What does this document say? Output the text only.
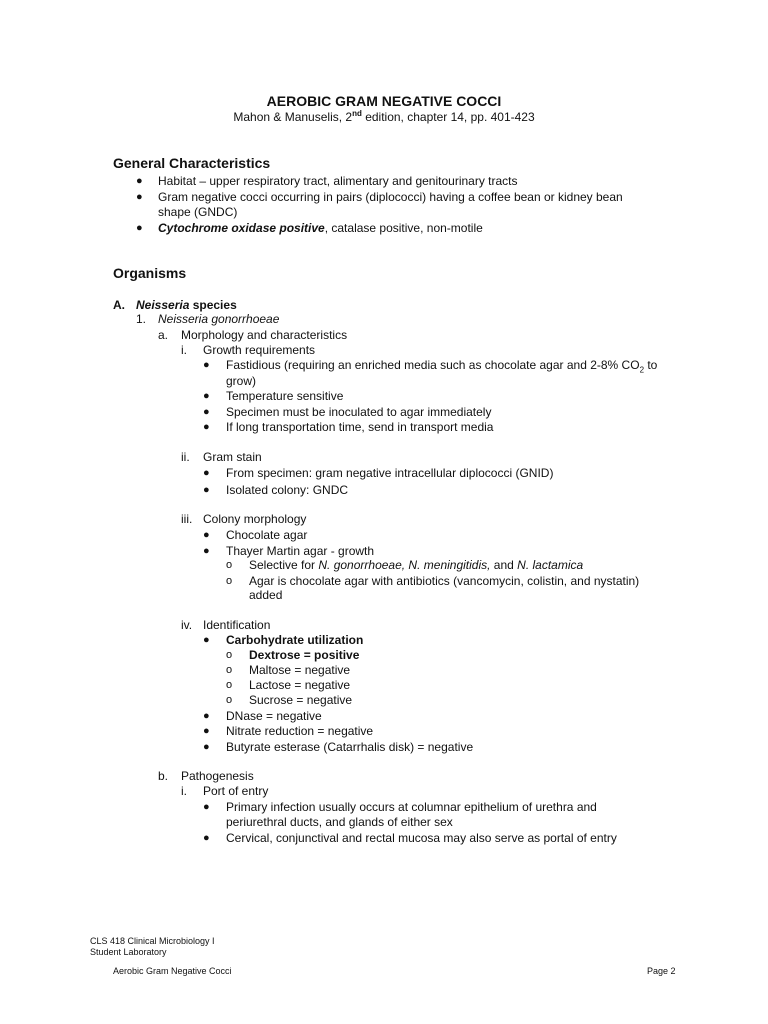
AEROBIC GRAM NEGATIVE COCCI
Mahon & Manuselis, 2nd edition, chapter 14, pp. 401-423
General Characteristics
● Habitat – upper respiratory tract, alimentary and genitourinary tracts
● Gram negative cocci occurring in pairs (diplococci) having a coffee bean or kidney bean
shape (GNDC)
● Cytochrome oxidase positive, catalase positive, non-motile
Organisms
A. Neisseria species
1. Neisseria gonorrhoeae
a. Morphology and characteristics
i. Growth requirements
● Fastidious (requiring an enriched media such as chocolate agar and 2-8% $CO_2$ to
grow)
● Temperature sensitive
● Specimen must be inoculated to agar immediately
● If long transportation time, send in transport media
ii. Gram stain
● From specimen: gram negative intracellular diplococci (GNID)
● Isolated colony: GNDC
iii. Colony morphology
● Chocolate agar
● Thayer Martin agar - growth
o Selective for N. gonorrhoeae, N. meningitidis, and N. lactamica
o Agar is chocolate agar with antibiotics (vancomycin, colistin, and nystatin)
added
iv. Identification
● Carbohydrate utilization
o Dextrose = positive
o Maltose = negative
o Lactose = negative
o Sucrose = negative
● DNase = negative
● Nitrate reduction = negative
● Butyrate esterase (Catarrhalis disk) = negative
b. Pathogenesis
i. Port of entry
● Primary infection usually occurs at columnar epithelium of urethra and
periurethral ducts, and glands of either sex
● Cervical, conjunctival and rectal mucosa may also serve as portal of entry
CLS 418 Clinical Microbiology I
Student Laboratory
Aerobic Gram Negative Cocci	Page 2
